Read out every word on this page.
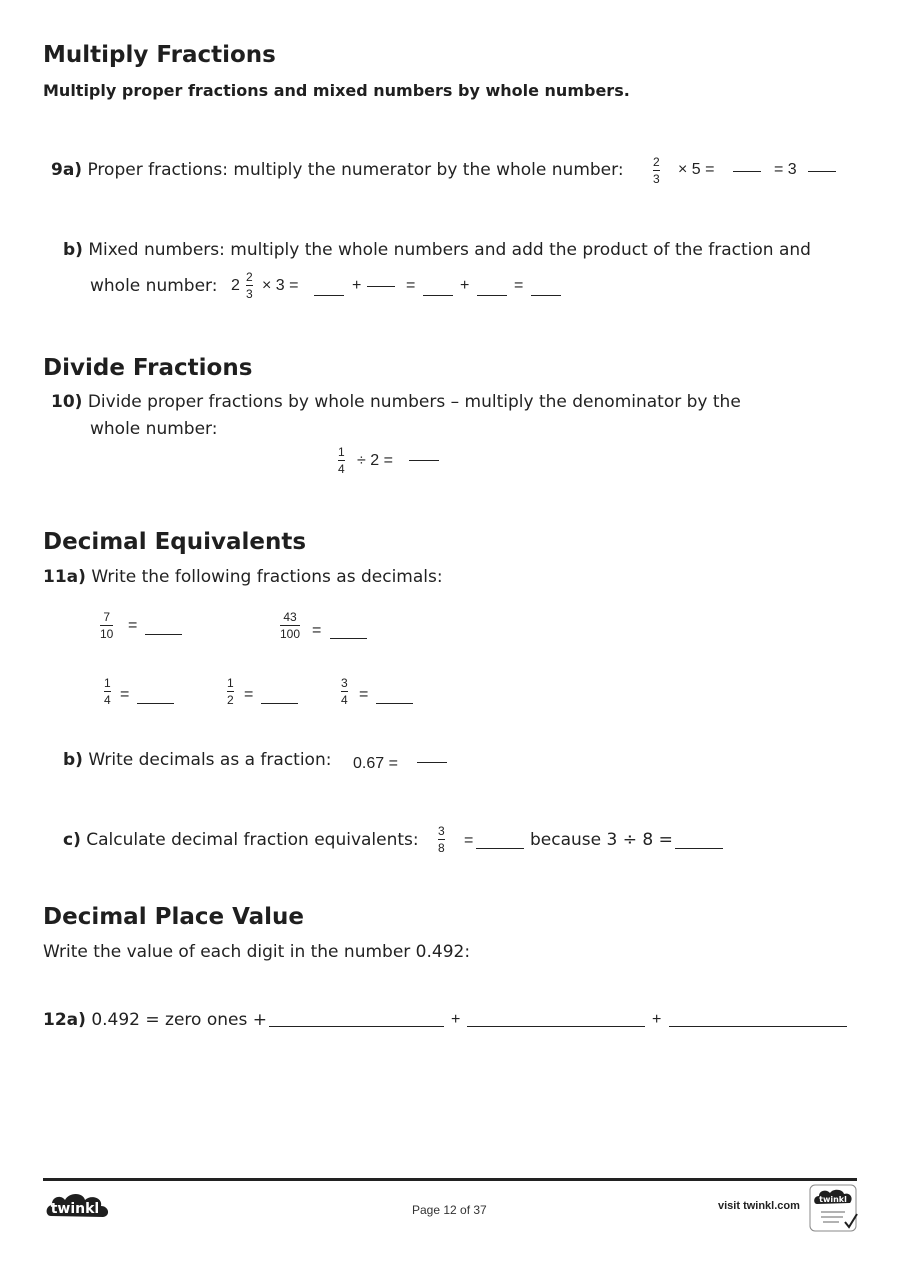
Multiply Fractions
Multiply proper fractions and mixed numbers by whole numbers.
9a) Proper fractions: multiply the numerator by the whole number: 2
3
× 5 =	= 3
b) Mixed numbers: multiply the whole numbers and add the product of the fraction and
whole number: 2 2
3 × 3 =	+	=	+	=
Divide Fractions
10) Divide proper fractions by whole numbers – multiply the denominator by the
whole number:
1
4 ÷ 2 =
Decimal Equivalents
11a) Write the following fractions as decimals:
7
10 =	43
100 =
1
4 =
1
2 =
3
4 =
b) Write decimals as a fraction: 0.67 =
c) Calculate decimal fraction equivalents: 3
8 =	because 3 ÷ 8 =
Decimal Place Value
Write the value of each digit in the number 0.492:
12a) 0.492 = zero ones +	+	+
twinkl	Page 12 of 37	visit twinkl.com
twinkl
